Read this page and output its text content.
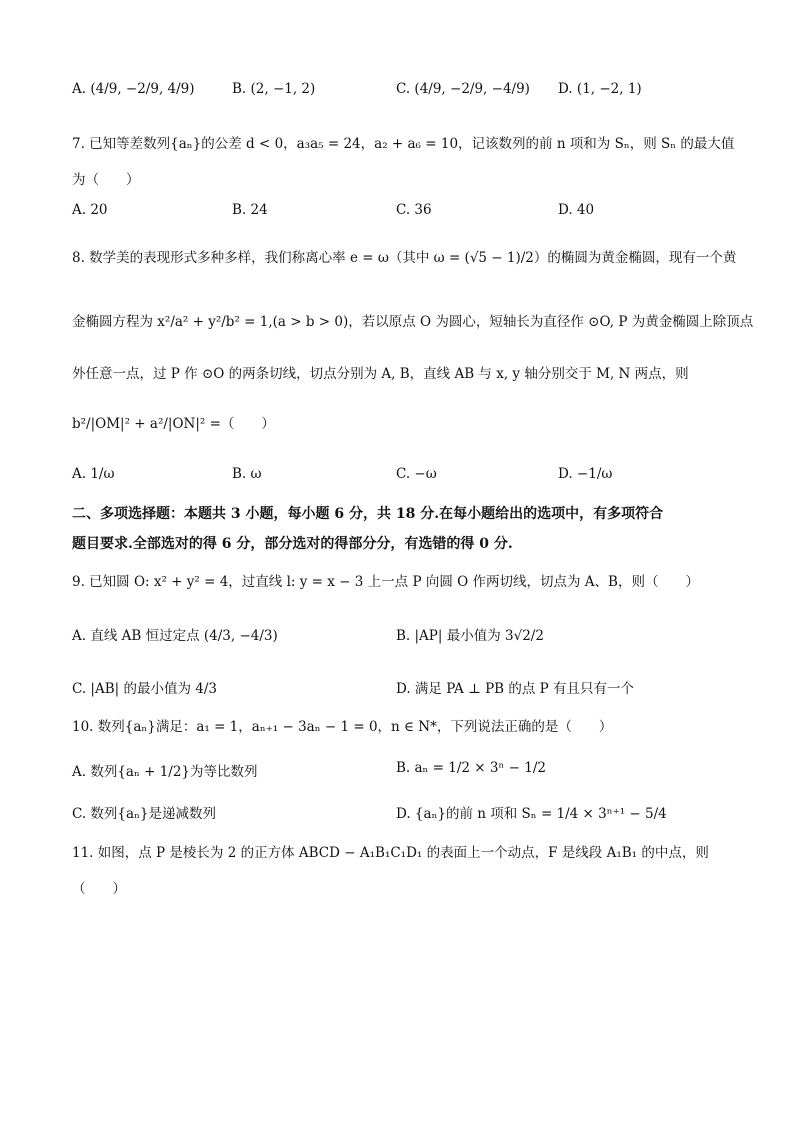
A. (4/9, −2/9, 4/9)	B. (2, −1, 2)	C. (4/9, −2/9, −4/9) D. (1, −2, 1)
7. 已知等差数列{aₙ}的公差 d < 0，a₃a₅ = 24，a₂ + a₆ = 10，记该数列的前 n 项和为 Sₙ，则 Sₙ 的最大值
为（　　）
A. 20	B. 24	C. 36	D. 40
8. 数学美的表现形式多种多样，我们称离心率 e = ω（其中 ω = (√5 − 1)/2）的椭圆为黄金椭圆，现有一个黄
金椭圆方程为 x²/a² + y²/b² = 1,(a > b > 0)，若以原点 O 为圆心，短轴长为直径作 ⊙O, P 为黄金椭圆上除顶点
外任意一点，过 P 作 ⊙O 的两条切线，切点分别为 A, B，直线 AB 与 x, y 轴分别交于 M, N 两点，则
b²/|OM|² + a²/|ON|² =（　　）
A. 1/ω	B. ω	C. −ω	D. −1/ω
二、多项选择题：本题共 3 小题，每小题 6 分，共 18 分.在每小题给出的选项中，有多项符合
题目要求.全部选对的得 6 分，部分选对的得部分分，有选错的得 0 分.
9. 已知圆 O: x² + y² = 4，过直线 l: y = x − 3 上一点 P 向圆 O 作两切线，切点为 A、B，则（　　）
A. 直线 AB 恒过定点 (4/3, −4/3)	B. |AP| 最小值为 3√2/2
C. |AB| 的最小值为 4/3	D. 满足 PA ⊥ PB 的点 P 有且只有一个
10. 数列{aₙ}满足：a₁ = 1，aₙ₊₁ − 3aₙ − 1 = 0，n ∈ N*，下列说法正确的是（　　）
A. 数列{aₙ + 1/2}为等比数列	B. aₙ = 1/2 × 3ⁿ − 1/2
C. 数列{aₙ}是递减数列	D. {aₙ}的前 n 项和 Sₙ = 1/4 × 3ⁿ⁺¹ − 5/4
11. 如图，点 P 是棱长为 2 的正方体 ABCD − A₁B₁C₁D₁ 的表面上一个动点，F 是线段 A₁B₁ 的中点，则
（　　）
